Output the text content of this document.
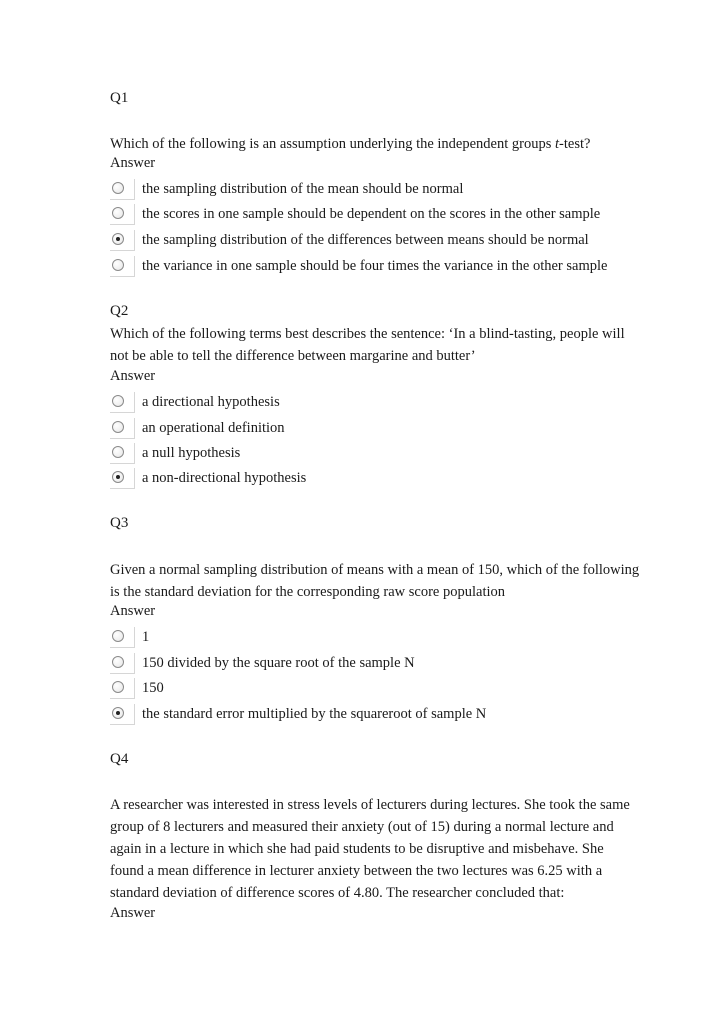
Q1
Which of the following is an assumption underlying the independent groups t-test?
Answer
the sampling distribution of the mean should be normal
the scores in one sample should be dependent on the scores in the other sample
the sampling distribution of the differences between means should be normal
the variance in one sample should be four times the variance in the other sample
Q2
Which of the following terms best describes the sentence: ‘In a blind-tasting, people will
not be able to tell the difference between margarine and butter’
Answer
a directional hypothesis
an operational definition
a null hypothesis
a non-directional hypothesis
Q3
Given a normal sampling distribution of means with a mean of 150, which of the following
is the standard deviation for the corresponding raw score population
Answer
1
150 divided by the square root of the sample N
150
the standard error multiplied by the squareroot of sample N
Q4
A researcher was interested in stress levels of lecturers during lectures. She took the same
group of 8 lecturers and measured their anxiety (out of 15) during a normal lecture and
again in a lecture in which she had paid students to be disruptive and misbehave. She
found a mean difference in lecturer anxiety between the two lectures was 6.25 with a
standard deviation of difference scores of 4.80. The researcher concluded that:
Answer
